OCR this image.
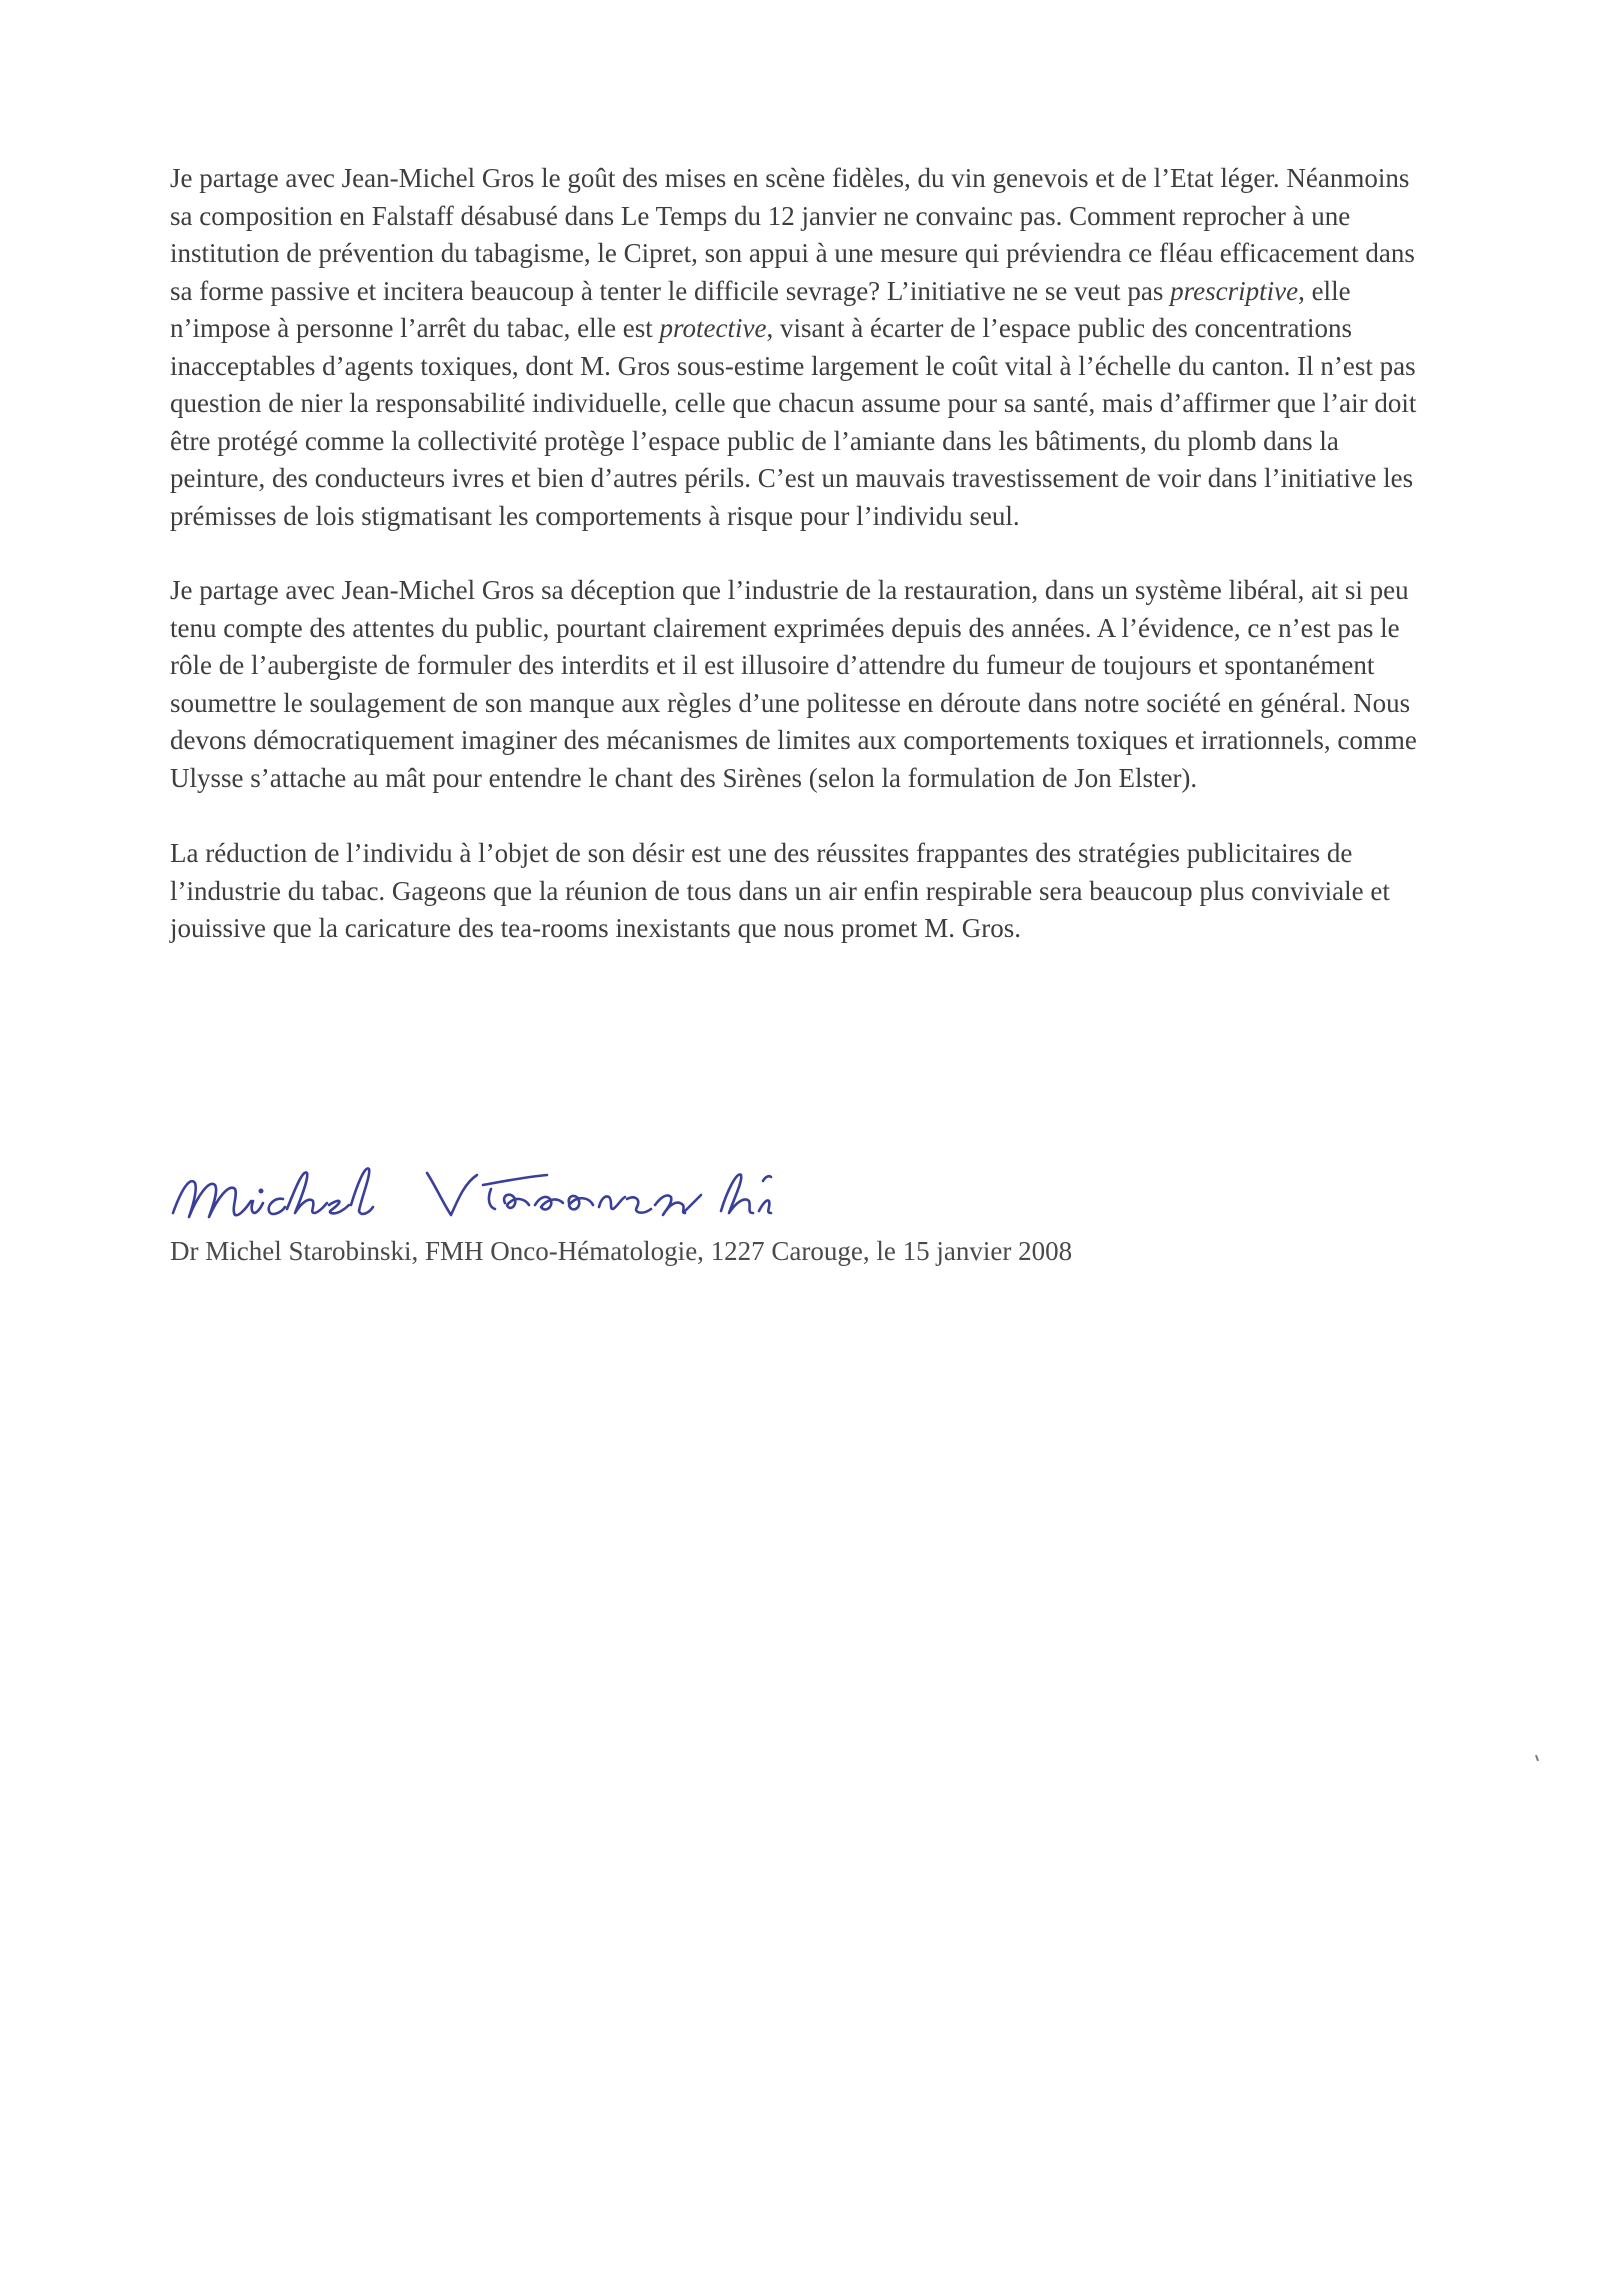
Je partage avec Jean-Michel Gros le goût des mises en scène fidèles, du vin genevois et de l’Etat léger. Néanmoins sa composition en Falstaff désabusé dans Le Temps du 12 janvier ne convainc pas. Comment reprocher à une institution de prévention du tabagisme, le Cipret, son appui à une mesure qui préviendra ce fléau efficacement dans sa forme passive et incitera beaucoup à tenter le difficile sevrage? L’initiative ne se veut pas prescriptive, elle n’impose à personne l’arrêt du tabac, elle est protective, visant à écarter de l’espace public des concentrations inacceptables d’agents toxiques, dont M. Gros sous-estime largement le coût vital à l’échelle du canton. Il n’est pas question de nier la responsabilité individuelle, celle que chacun assume pour sa santé, mais d’affirmer que l’air doit être protégé comme la collectivité protège l’espace public de l’amiante dans les bâtiments, du plomb dans la peinture, des conducteurs ivres et bien d’autres périls. C’est un mauvais travestissement de voir dans l’initiative les prémisses de lois stigmatisant les comportements à risque pour l’individu seul.

Je partage avec Jean-Michel Gros sa déception que l’industrie de la restauration, dans un système libéral, ait si peu tenu compte des attentes du public, pourtant clairement exprimées depuis des années. A l’évidence, ce n’est pas le rôle de l’aubergiste de formuler des interdits et il est illusoire d’attendre du fumeur de toujours et spontanément soumettre le soulagement de son manque aux règles d’une politesse en déroute dans notre société en général. Nous devons démocratiquement imaginer des mécanismes de limites aux comportements toxiques et irrationnels, comme Ulysse s’attache au mât pour entendre le chant des Sirènes (selon la formulation de Jon Elster).

La réduction de l’individu à l’objet de son désir est une des réussites frappantes des stratégies publicitaires de l’industrie du tabac. Gageons que la réunion de tous dans un air enfin respirable sera beaucoup plus conviviale et jouissive que la caricature des tea-rooms inexistants que nous promet M. Gros.

Dr Michel Starobinski, FMH Onco-Hématologie, 1227 Carouge, le 15 janvier 2008
